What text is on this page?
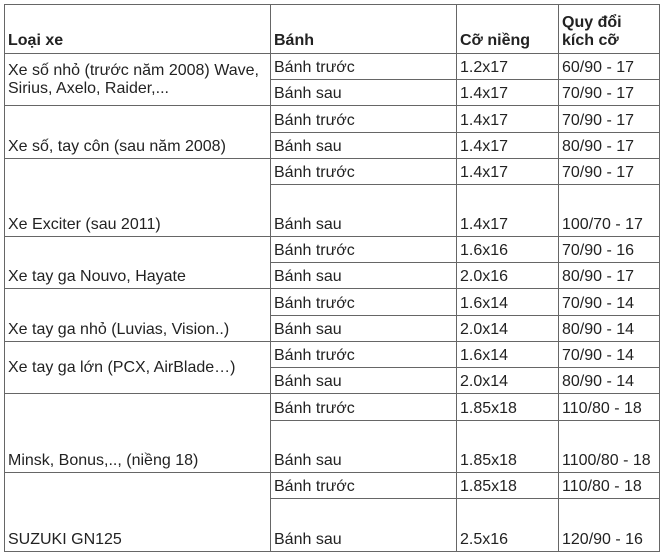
Loại xe	Bánh	Cỡ niềng	Quy đổi kích cỡ
Xe số nhỏ (trước năm 2008) Wave, Sirius, Axelo, Raider,...	Bánh trước	1.2x17	60/90 - 17
	Bánh sau	1.4x17	70/90 - 17
Xe số, tay côn (sau năm 2008)	Bánh trước	1.4x17	70/90 - 17
	Bánh sau	1.4x17	80/90 - 17
Xe Exciter (sau 2011)	Bánh trước	1.4x17	70/90 - 17
	Bánh sau	1.4x17	100/70 - 17
Xe tay ga Nouvo, Hayate	Bánh trước	1.6x16	70/90 - 16
	Bánh sau	2.0x16	80/90 - 17
Xe tay ga nhỏ (Luvias, Vision..)	Bánh trước	1.6x14	70/90 - 14
	Bánh sau	2.0x14	80/90 - 14
Xe tay ga lớn (PCX, AirBlade…)	Bánh trước	1.6x14	70/90 - 14
	Bánh sau	2.0x14	80/90 - 14
Minsk, Bonus,.., (niềng 18)	Bánh trước	1.85x18	110/80 - 18
	Bánh sau	1.85x18	1100/80 - 18
SUZUKI GN125	Bánh trước	1.85x18	110/80 - 18
	Bánh sau	2.5x16	120/90 - 16
